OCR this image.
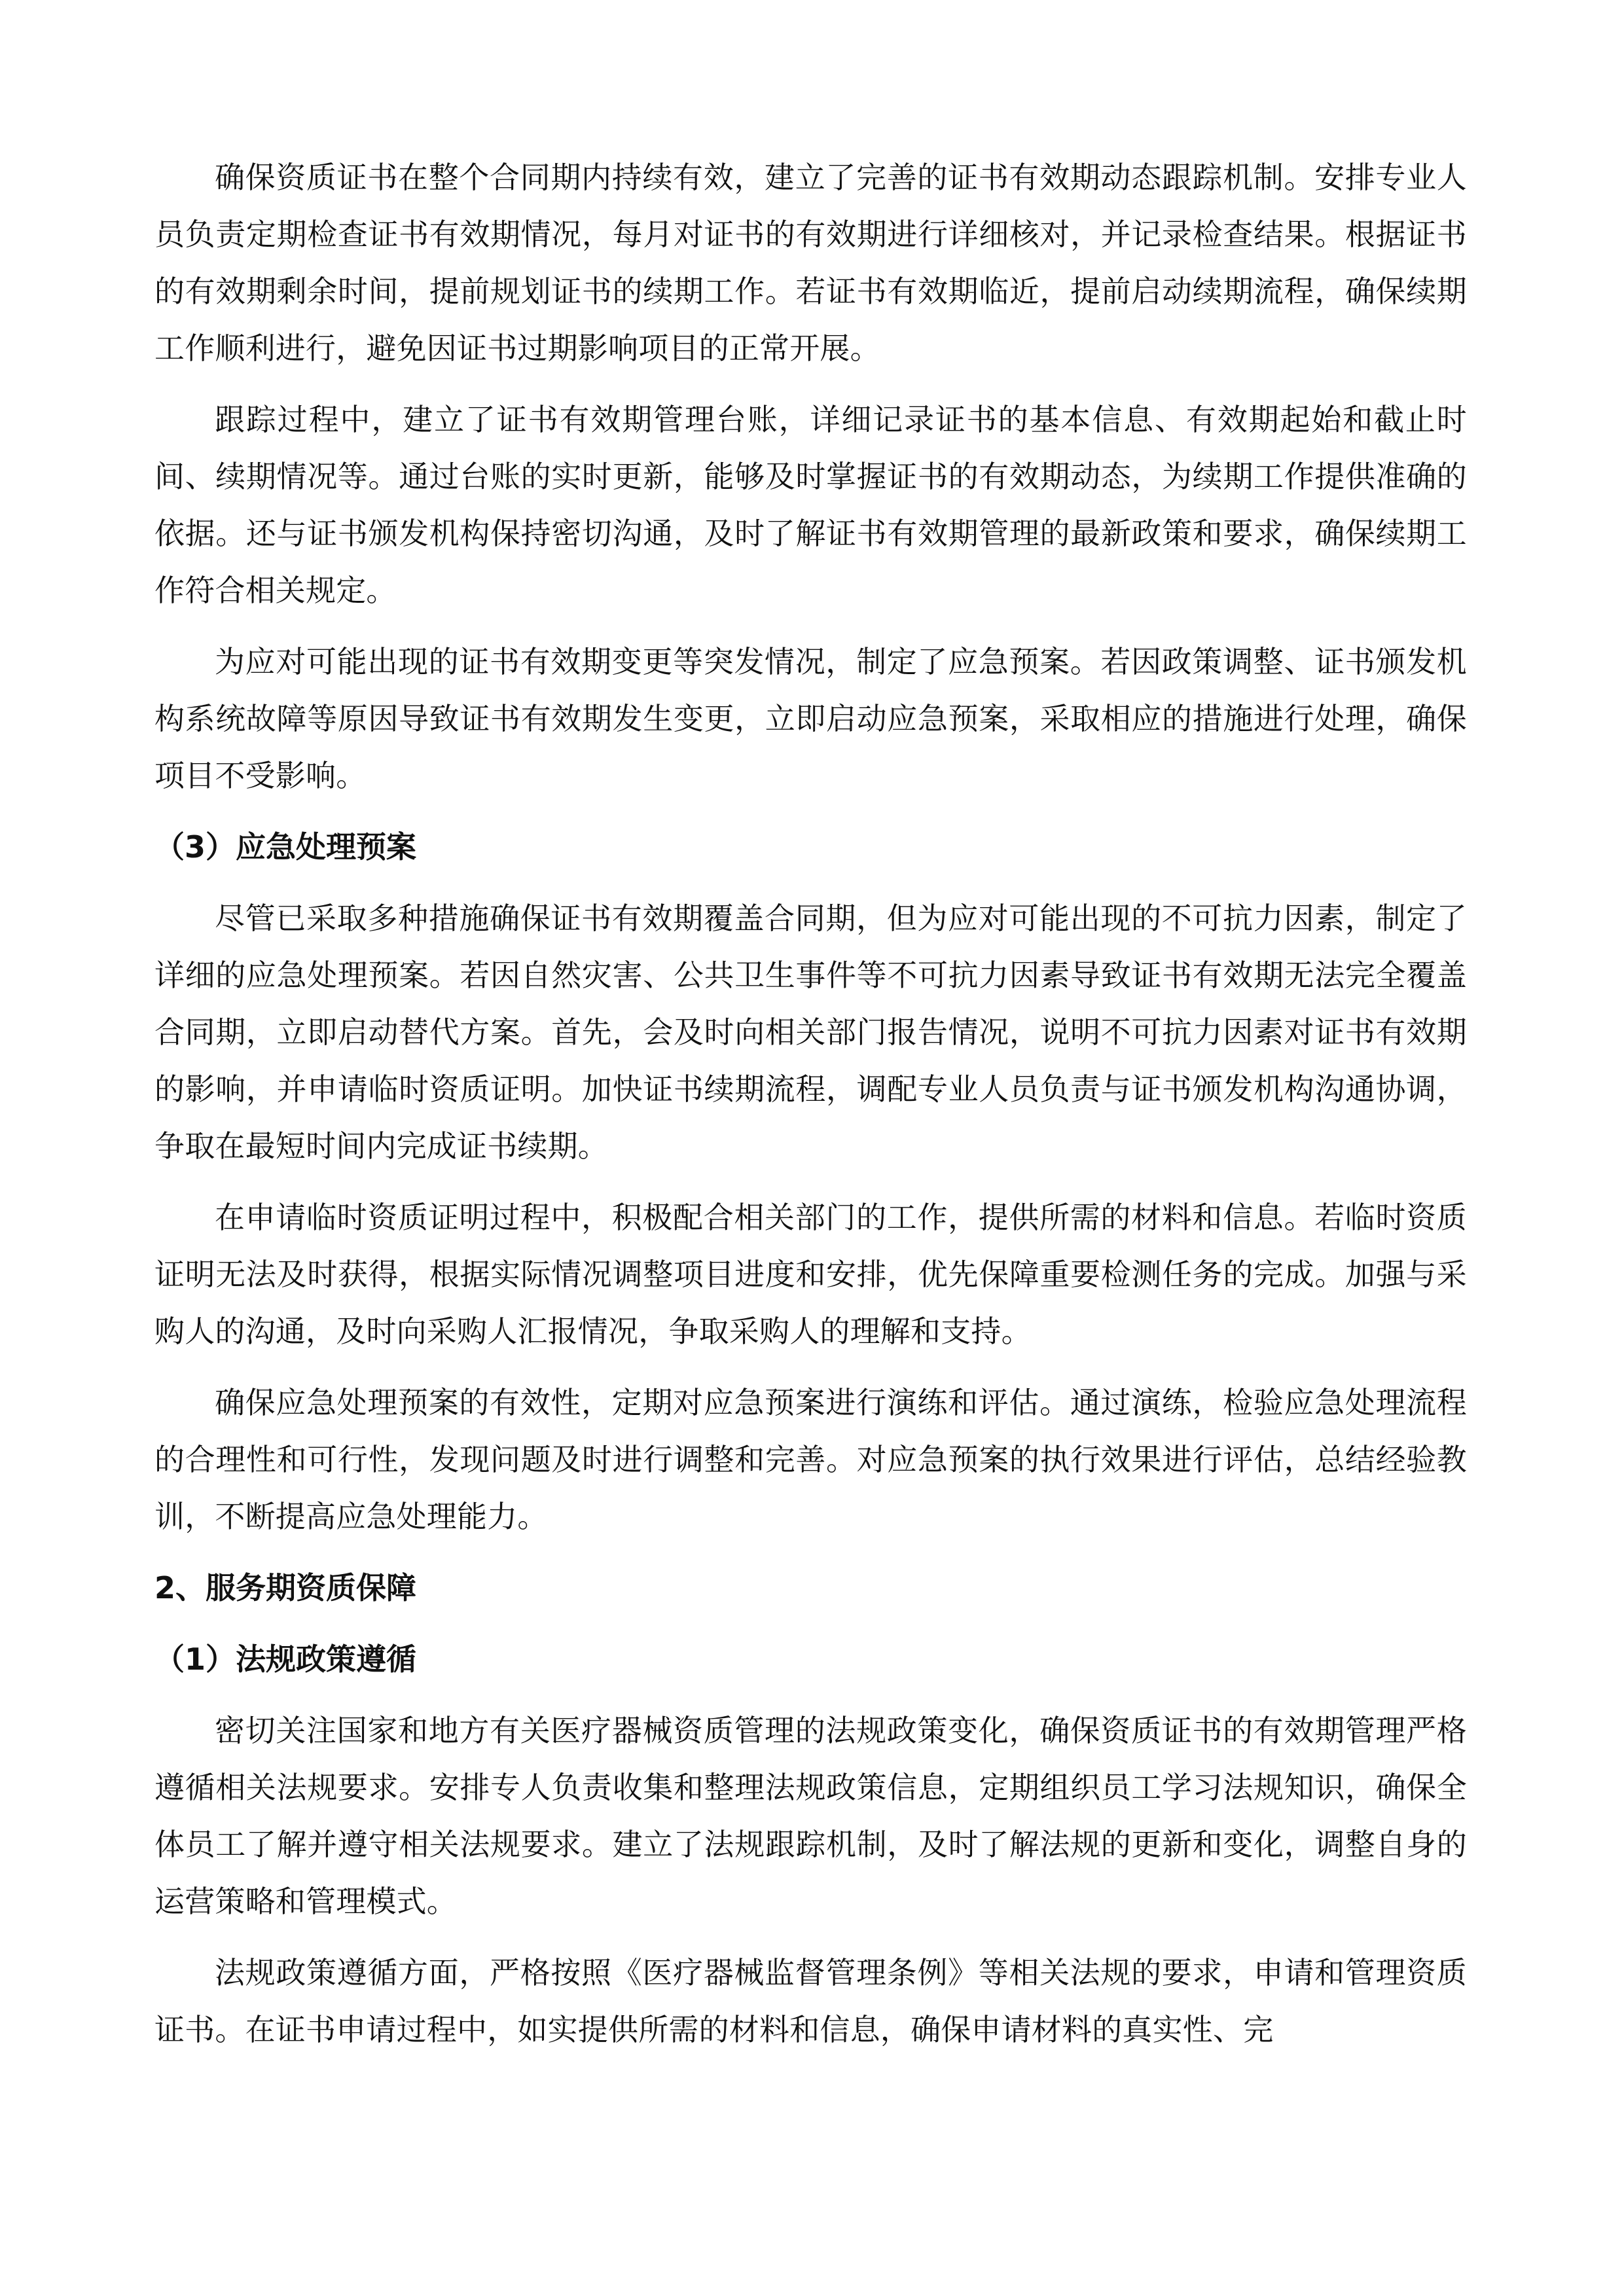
确保资质证书在整个合同期内持续有效，建立了完善的证书有效期动态跟踪机制。安排专业人员负责定期检查证书有效期情况，每月对证书的有效期进行详细核对，并记录检查结果。根据证书的有效期剩余时间，提前规划证书的续期工作。若证书有效期临近，提前启动续期流程，确保续期工作顺利进行，避免因证书过期影响项目的正常开展。

跟踪过程中，建立了证书有效期管理台账，详细记录证书的基本信息、有效期起始和截止时间、续期情况等。通过台账的实时更新，能够及时掌握证书的有效期动态，为续期工作提供准确的依据。还与证书颁发机构保持密切沟通，及时了解证书有效期管理的最新政策和要求，确保续期工作符合相关规定。

为应对可能出现的证书有效期变更等突发情况，制定了应急预案。若因政策调整、证书颁发机构系统故障等原因导致证书有效期发生变更，立即启动应急预案，采取相应的措施进行处理，确保项目不受影响。

（3）应急处理预案

尽管已采取多种措施确保证书有效期覆盖合同期，但为应对可能出现的不可抗力因素，制定了详细的应急处理预案。若因自然灾害、公共卫生事件等不可抗力因素导致证书有效期无法完全覆盖合同期，立即启动替代方案。首先，会及时向相关部门报告情况，说明不可抗力因素对证书有效期的影响，并申请临时资质证明。加快证书续期流程，调配专业人员负责与证书颁发机构沟通协调，争取在最短时间内完成证书续期。

在申请临时资质证明过程中，积极配合相关部门的工作，提供所需的材料和信息。若临时资质证明无法及时获得，根据实际情况调整项目进度和安排，优先保障重要检测任务的完成。加强与采购人的沟通，及时向采购人汇报情况，争取采购人的理解和支持。

确保应急处理预案的有效性，定期对应急预案进行演练和评估。通过演练，检验应急处理流程的合理性和可行性，发现问题及时进行调整和完善。对应急预案的执行效果进行评估，总结经验教训，不断提高应急处理能力。

2、服务期资质保障

（1）法规政策遵循

密切关注国家和地方有关医疗器械资质管理的法规政策变化，确保资质证书的有效期管理严格遵循相关法规要求。安排专人负责收集和整理法规政策信息，定期组织员工学习法规知识，确保全体员工了解并遵守相关法规要求。建立了法规跟踪机制，及时了解法规的更新和变化，调整自身的运营策略和管理模式。

法规政策遵循方面，严格按照《医疗器械监督管理条例》等相关法规的要求，申请和管理资质证书。在证书申请过程中，如实提供所需的材料和信息，确保申请材料的真实性、完
